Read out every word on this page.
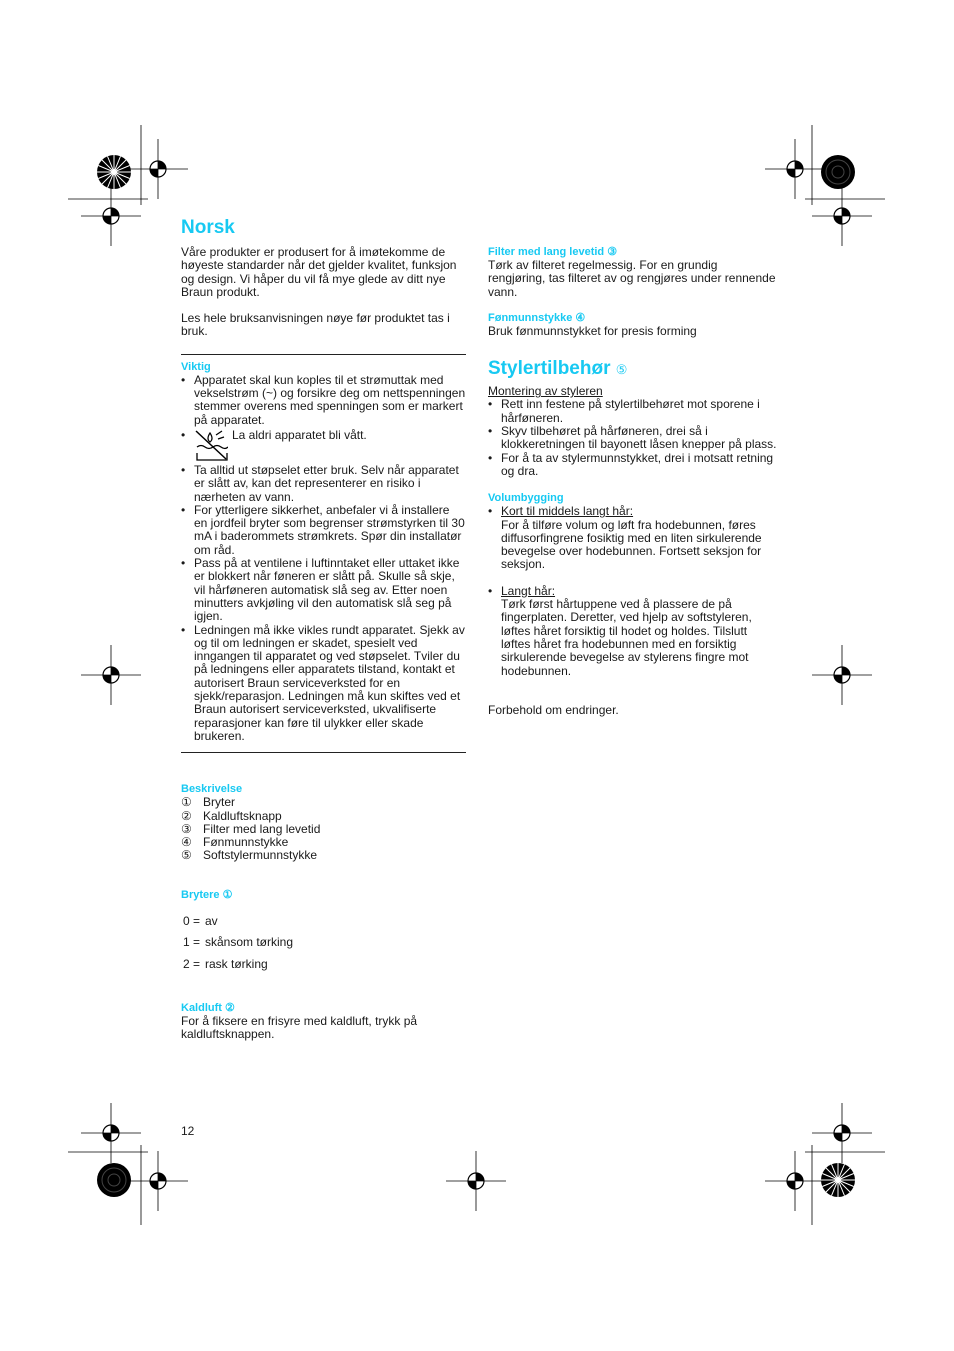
Norsk

Våre produkter er produsert for å imøtekomme de høyeste standarder når det gjelder kvalitet, funksjon og design. Vi håper du vil få mye glede av ditt nye Braun produkt.

Les hele bruksanvisningen nøye før produktet tas i bruk.

Viktig
• Apparatet skal kun koples til et strømuttak med vekselstrøm (~) og forsikre deg om nettspenningen stemmer overens med spenningen som er markert på apparatet.
• La aldri apparatet bli vått.
• Ta alltid ut støpselet etter bruk. Selv når apparatet er slått av, kan det representerer en risiko i nærheten av vann.
• For ytterligere sikkerhet, anbefaler vi å installere en jordfeil bryter som begrenser strømstyrken til 30 mA i baderommets strømkrets. Spør din installatør om råd.
• Pass på at ventilene i luftinntaket eller uttaket ikke er blokkert når føneren er slått på. Skulle så skje, vil hårføneren automatisk slå seg av. Etter noen minutters avkjøling vil den automatisk slå seg på igjen.
• Ledningen må ikke vikles rundt apparatet. Sjekk av og til om ledningen er skadet, spesielt ved inngangen til apparatet og ved støpselet. Tviler du på ledningens eller apparatets tilstand, kontakt et autorisert Braun serviceverksted for en sjekk/reparasjon. Ledningen må kun skiftes ved et Braun autorisert serviceverksted, ukvalifiserte reparasjoner kan føre til ulykker eller skade brukeren.
Beskrivelse
① Bryter
② Kaldluftsknapp
③ Filter med lang levetid
④ Fønmunnstykke
⑤ Softstylermunnstykke
Brytere ①
0 = av
1 = skånsom tørking
2 = rask tørking
Kaldluft ②

For å fiksere en frisyre med kaldluft, trykk på kaldluftsknappen.

Filter med lang levetid ③

Tørk av filteret regelmessig. For en grundig rengjøring, tas filteret av og rengjøres under rennende vann.

Fønmunnstykke ④

Bruk fønmunnstykket for presis forming

Stylertilbehør ⑤

Montering av styleren

• Rett inn festene på stylertilbehøret mot sporene i hårføneren.
• Skyv tilbehøret på hårføneren, drei så i klokkeretningen til bayonett låsen knepper på plass.
• For å ta av stylermunnstykket, drei i motsatt retning og dra.
Volumbygging
• Kort til middels langt hår:
For å tilføre volum og løft fra hodebunnen, føres diffusorfingrene fosiktig med en liten sirkulerende bevegelse over hodebunnen. Fortsett seksjon for seksjon.
• Langt hår:
Tørk først hårtuppene ved å plassere de på fingerplaten. Deretter, ved hjelp av softstyleren, løftes håret forsiktig til hodet og holdes. Tilslutt løftes håret fra hodebunnen med en forsiktig sirkulerende bevegelse av stylerens fingre mot hodebunnen.

Forbehold om endringer.

12
